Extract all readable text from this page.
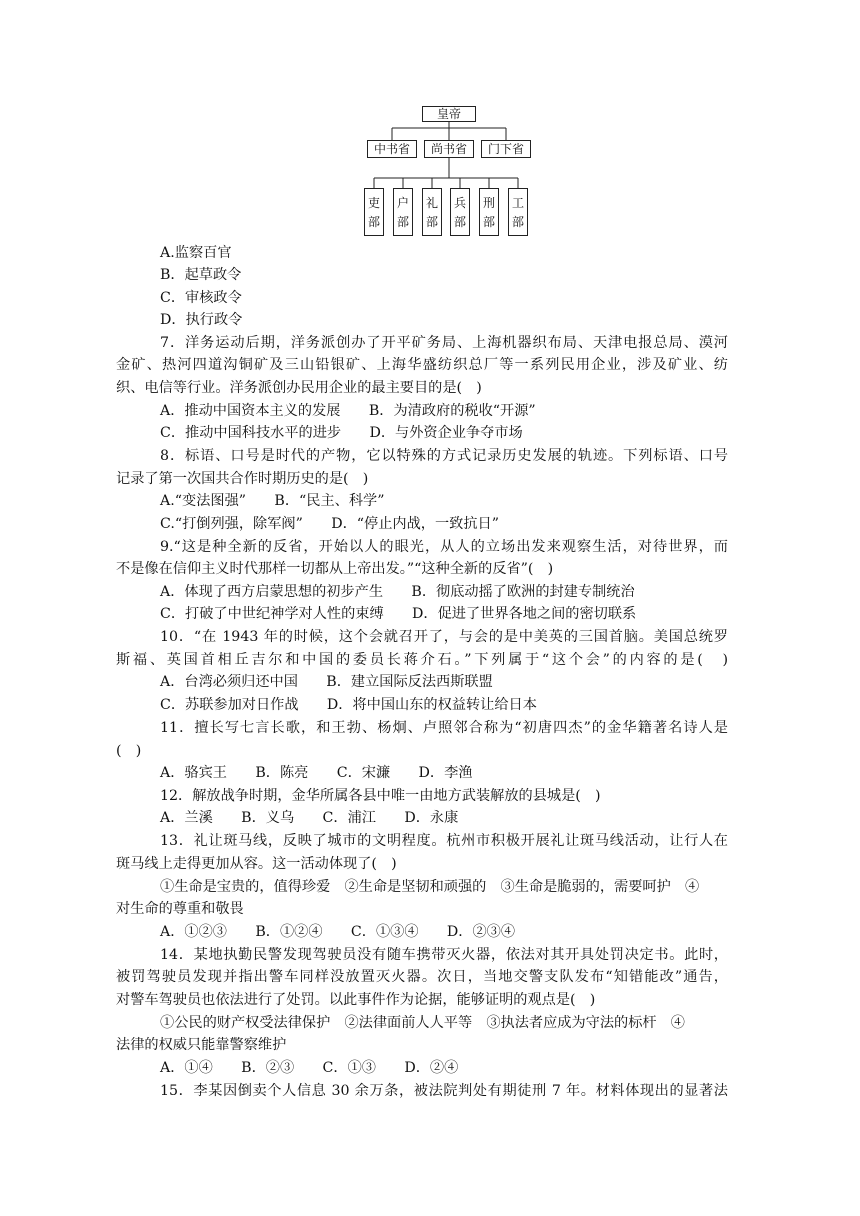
皇帝
中书省	尚书省	门下省
吏
部
户
部
礼
部
兵
部
刑
部
工
部
A.监察百官
B．起草政令
C．审核政令
D．执行政令
7．洋务运动后期，洋务派创办了开平矿务局、上海机器织布局、天津电报总局、漠河
金矿、热河四道沟铜矿及三山铅银矿、上海华盛纺织总厂等一系列民用企业，涉及矿业、纺
织、电信等行业。洋务派创办民用企业的最主要目的是(　)
A．推动中国资本主义的发展　　B．为清政府的税收“开源”
C．推动中国科技水平的进步　　D．与外资企业争夺市场
8．标语、口号是时代的产物，它以特殊的方式记录历史发展的轨迹。下列标语、口号
记录了第一次国共合作时期历史的是(　)
A.“变法图强”　　B．“民主、科学”
C.“打倒列强，除军阀”　　D．“停止内战，一致抗日”
9.“这是种全新的反省，开始以人的眼光，从人的立场出发来观察生活，对待世界，而
不是像在信仰主义时代那样一切都从上帝出发。”“这种全新的反省”(　)
A．体现了西方启蒙思想的初步产生　　B．彻底动摇了欧洲的封建专制统治
C．打破了中世纪神学对人性的束缚　　D．促进了世界各地之间的密切联系
10．“在 1943 年的时候，这个会就召开了，与会的是中美英的三国首脑。美国总统罗
斯福、英国首相丘吉尔和中国的委员长蒋介石。”下列属于“这个会”的内容的是(　)
A．台湾必须归还中国　　B．建立国际反法西斯联盟
C．苏联参加对日作战　　D．将中国山东的权益转让给日本
11．擅长写七言长歌，和王勃、杨炯、卢照邻合称为“初唐四杰”的金华籍著名诗人是
(　)
A．骆宾王　　B．陈亮　　C．宋濂　　D．李渔
12．解放战争时期，金华所属各县中唯一由地方武装解放的县城是(　)
A．兰溪　　B．义乌　　C．浦江　　D．永康
13．礼让斑马线，反映了城市的文明程度。杭州市积极开展礼让斑马线活动，让行人在
斑马线上走得更加从容。这一活动体现了(　)
①生命是宝贵的，值得珍爱　②生命是坚韧和顽强的　③生命是脆弱的，需要呵护　④
对生命的尊重和敬畏
A．①②③　　B．①②④　　C．①③④　　D．②③④
14．某地执勤民警发现驾驶员没有随车携带灭火器，依法对其开具处罚决定书。此时，
被罚驾驶员发现并指出警车同样没放置灭火器。次日，当地交警支队发布“知错能改”通告，
对警车驾驶员也依法进行了处罚。以此事件作为论据，能够证明的观点是(　)
①公民的财产权受法律保护　②法律面前人人平等　③执法者应成为守法的标杆　④
法律的权威只能靠警察维护
A．①④　　B．②③　　C．①③　　D．②④
15．李某因倒卖个人信息 30 余万条，被法院判处有期徒刑 7 年。材料体现出的显著法
